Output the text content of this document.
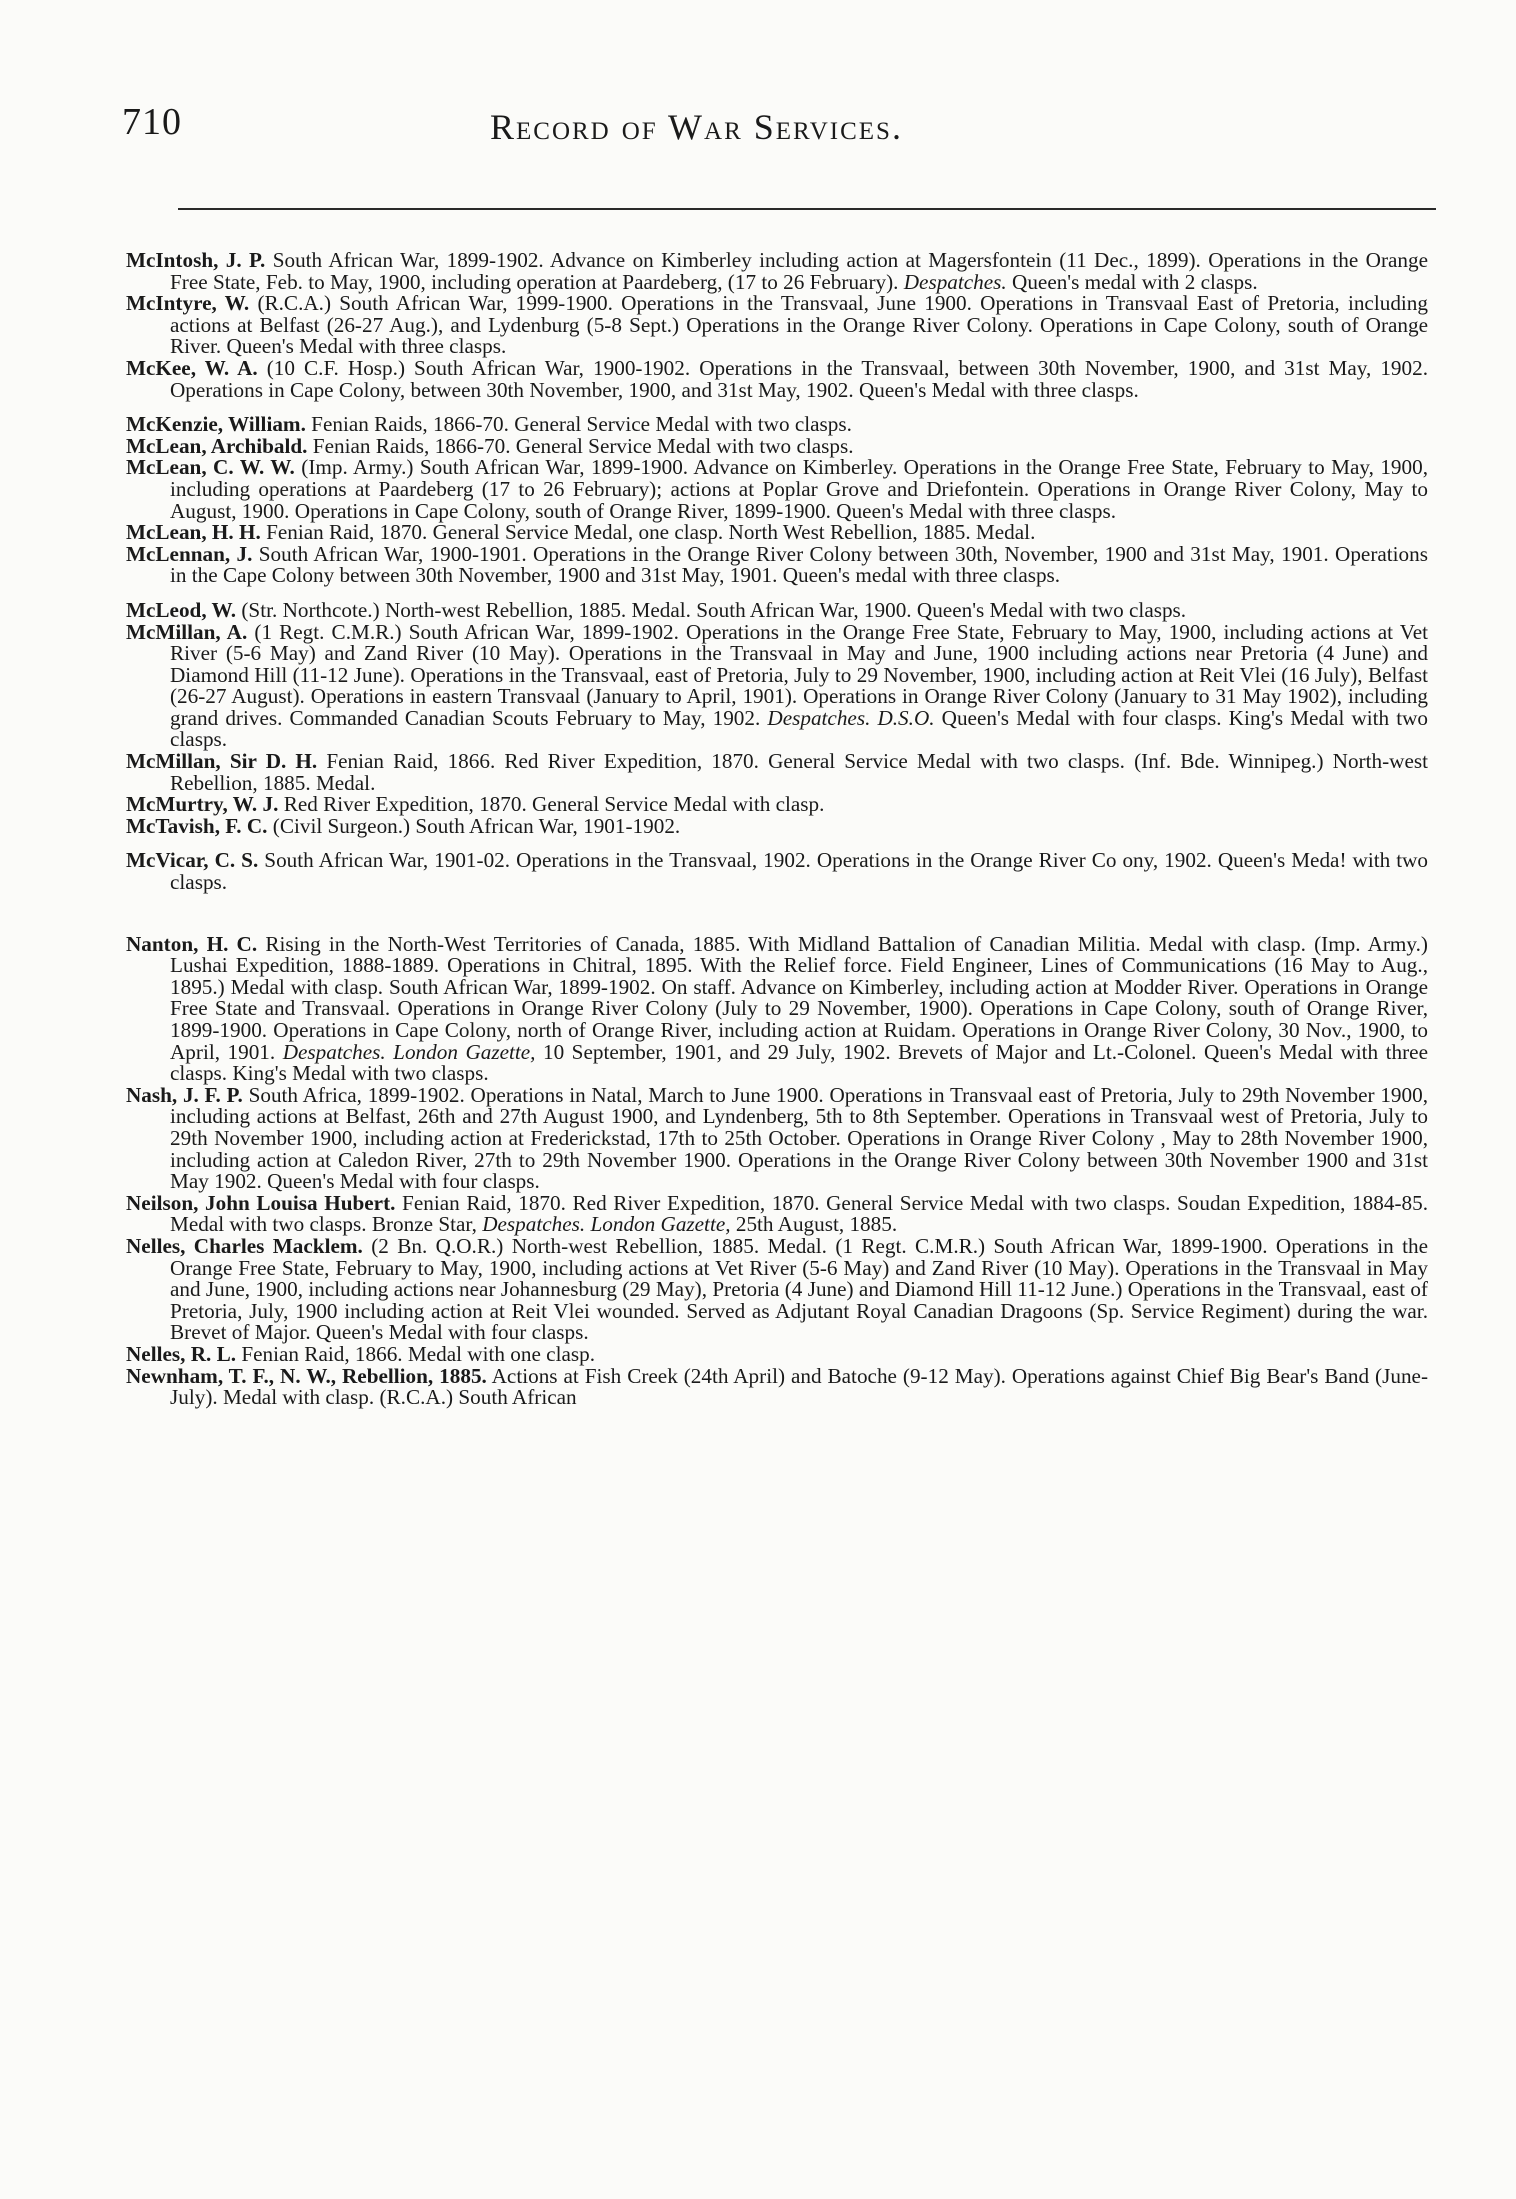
710	Record of War Services.

McIntosh, J. P. South African War, 1899-1902. Advance on Kimberley including action at Magersfontein (11 Dec., 1899). Operations in the Orange Free State, Feb. to May, 1900, including operation at Paardeberg, (17 to 26 February). Despatches. Queen's medal with 2 clasps.

McIntyre, W. (R.C.A.) South African War, 1999-1900. Operations in the Transvaal, June 1900. Operations in Transvaal East of Pretoria, including actions at Belfast (26-27 Aug.), and Lydenburg (5-8 Sept.) Operations in the Orange River Colony. Operations in Cape Colony, south of Orange River. Queen's Medal with three clasps.

McKee, W. A. (10 C.F. Hosp.) South African War, 1900-1902. Operations in the Transvaal, between 30th November, 1900, and 31st May, 1902. Operations in Cape Colony, between 30th November, 1900, and 31st May, 1902. Queen's Medal with three clasps.

McKenzie, William. Fenian Raids, 1866-70. General Service Medal with two clasps.

McLean, Archibald. Fenian Raids, 1866-70. General Service Medal with two clasps.

McLean, C. W. W. (Imp. Army.) South African War, 1899-1900. Advance on Kimberley. Operations in the Orange Free State, February to May, 1900, including operations at Paardeberg (17 to 26 February); actions at Poplar Grove and Driefontein. Operations in Orange River Colony, May to August, 1900. Operations in Cape Colony, south of Orange River, 1899-1900. Queen's Medal with three clasps.

McLean, H. H. Fenian Raid, 1870. General Service Medal, one clasp. North West Rebellion, 1885. Medal.

McLennan, J. South African War, 1900-1901. Operations in the Orange River Colony between 30th, November, 1900 and 31st May, 1901. Operations in the Cape Colony between 30th November, 1900 and 31st May, 1901. Queen's medal with three clasps.

McLeod, W. (Str. Northcote.) North-west Rebellion, 1885. Medal. South African War, 1900. Queen's Medal with two clasps.

McMillan, A. (1 Regt. C.M.R.) South African War, 1899-1902. Operations in the Orange Free State, February to May, 1900, including actions at Vet River (5-6 May) and Zand River (10 May). Operations in the Transvaal in May and June, 1900 including actions near Pretoria (4 June) and Diamond Hill (11-12 June). Operations in the Transvaal, east of Pretoria, July to 29 November, 1900, including action at Reit Vlei (16 July), Belfast (26-27 August). Operations in eastern Transvaal (January to April, 1901). Operations in Orange River Colony (January to 31 May 1902), including grand drives. Commanded Canadian Scouts February to May, 1902. Despatches. D.S.O. Queen's Medal with four clasps. King's Medal with two clasps.

McMillan, Sir D. H. Fenian Raid, 1866. Red River Expedition, 1870. General Service Medal with two clasps. (Inf. Bde. Winnipeg.) North-west Rebellion, 1885. Medal.

McMurtry, W. J. Red River Expedition, 1870. General Service Medal with clasp.

McTavish, F. C. (Civil Surgeon.) South African War, 1901-1902.

McVicar, C. S. South African War, 1901-02. Operations in the Transvaal, 1902. Operations in the Orange River Co ony, 1902. Queen's Meda! with two clasps.

Nanton, H. C. Rising in the North-West Territories of Canada, 1885. With Midland Battalion of Canadian Militia. Medal with clasp. (Imp. Army.) Lushai Expedition, 1888-1889. Operations in Chitral, 1895. With the Relief force. Field Engineer, Lines of Communications (16 May to Aug., 1895.) Medal with clasp. South African War, 1899-1902. On staff. Advance on Kimberley, including action at Modder River. Operations in Orange Free State and Transvaal. Operations in Orange River Colony (July to 29 November, 1900). Operations in Cape Colony, south of Orange River, 1899-1900. Operations in Cape Colony, north of Orange River, including action at Ruidam. Operations in Orange River Colony, 30 Nov., 1900, to April, 1901. Despatches. London Gazette, 10 September, 1901, and 29 July, 1902. Brevets of Major and Lt.-Colonel. Queen's Medal with three clasps. King's Medal with two clasps.

Nash, J. F. P. South Africa, 1899-1902. Operations in Natal, March to June 1900. Operations in Transvaal east of Pretoria, July to 29th November 1900, including actions at Belfast, 26th and 27th August 1900, and Lyndenberg, 5th to 8th September. Operations in Transvaal west of Pretoria, July to 29th November 1900, including action at Frederickstad, 17th to 25th October. Operations in Orange River Colony , May to 28th November 1900, including action at Caledon River, 27th to 29th November 1900. Operations in the Orange River Colony between 30th November 1900 and 31st May 1902. Queen's Medal with four clasps.

Neilson, John Louisa Hubert. Fenian Raid, 1870. Red River Expedition, 1870. General Service Medal with two clasps. Soudan Expedition, 1884-85. Medal with two clasps. Bronze Star, Despatches. London Gazette, 25th August, 1885.

Nelles, Charles Macklem. (2 Bn. Q.O.R.) North-west Rebellion, 1885. Medal. (1 Regt. C.M.R.) South African War, 1899-1900. Operations in the Orange Free State, February to May, 1900, including actions at Vet River (5-6 May) and Zand River (10 May). Operations in the Transvaal in May and June, 1900, including actions near Johannesburg (29 May), Pretoria (4 June) and Diamond Hill 11-12 June.) Operations in the Transvaal, east of Pretoria, July, 1900 including action at Reit Vlei wounded. Served as Adjutant Royal Canadian Dragoons (Sp. Service Regiment) during the war. Brevet of Major. Queen's Medal with four clasps.

Nelles, R. L. Fenian Raid, 1866. Medal with one clasp.

Newnham, T. F., N. W., Rebellion, 1885. Actions at Fish Creek (24th April) and Batoche (9-12 May). Operations against Chief Big Bear's Band (June-July). Medal with clasp. (R.C.A.) South African
